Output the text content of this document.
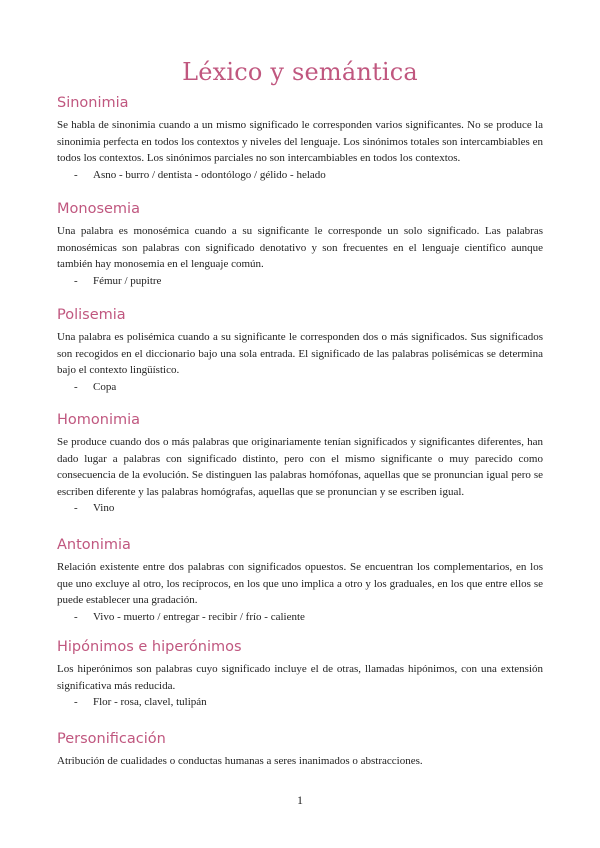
Léxico y semántica
Sinonimia

Se habla de sinonimia cuando a un mismo significado le corresponden varios significantes. No se produce la sinonimia perfecta en todos los contextos y niveles del lenguaje. Los sinónimos totales son intercambiables en todos los contextos. Los sinónimos parciales no son intercambiables en todos los contextos.

-	Asno - burro / dentista - odontólogo / gélido - helado
Monosemia

Una palabra es monosémica cuando a su significante le corresponde un solo significado. Las palabras monosémicas son palabras con significado denotativo y son frecuentes en el lenguaje científico aunque también hay monosemia en el lenguaje común.

-	Fémur / pupitre
Polisemia

Una palabra es polisémica cuando a su significante le corresponden dos o más significados. Sus significados son recogidos en el diccionario bajo una sola entrada. El significado de las palabras polisémicas se determina bajo el contexto lingüístico.

-	Copa
Homonimia

Se produce cuando dos o más palabras que originariamente tenían significados y significantes diferentes, han dado lugar a palabras con significado distinto, pero con el mismo significante o muy parecido como consecuencia de la evolución. Se distinguen las palabras homófonas, aquellas que se pronuncian igual pero se escriben diferente y las palabras homógrafas, aquellas que se pronuncian y se escriben igual.

-	Vino
Antonimia

Relación existente entre dos palabras con significados opuestos. Se encuentran los complementarios, en los que uno excluye al otro, los recíprocos, en los que uno implica a otro y los graduales, en los que entre ellos se puede establecer una gradación.

-	Vivo - muerto / entregar - recibir / frío - caliente
Hipónimos e hiperónimos

Los hiperónimos son palabras cuyo significado incluye el de otras, llamadas hipónimos, con una extensión significativa más reducida.

-	Flor - rosa, clavel, tulipán
Personificación

Atribución de cualidades o conductas humanas a seres inanimados o abstracciones.

1
